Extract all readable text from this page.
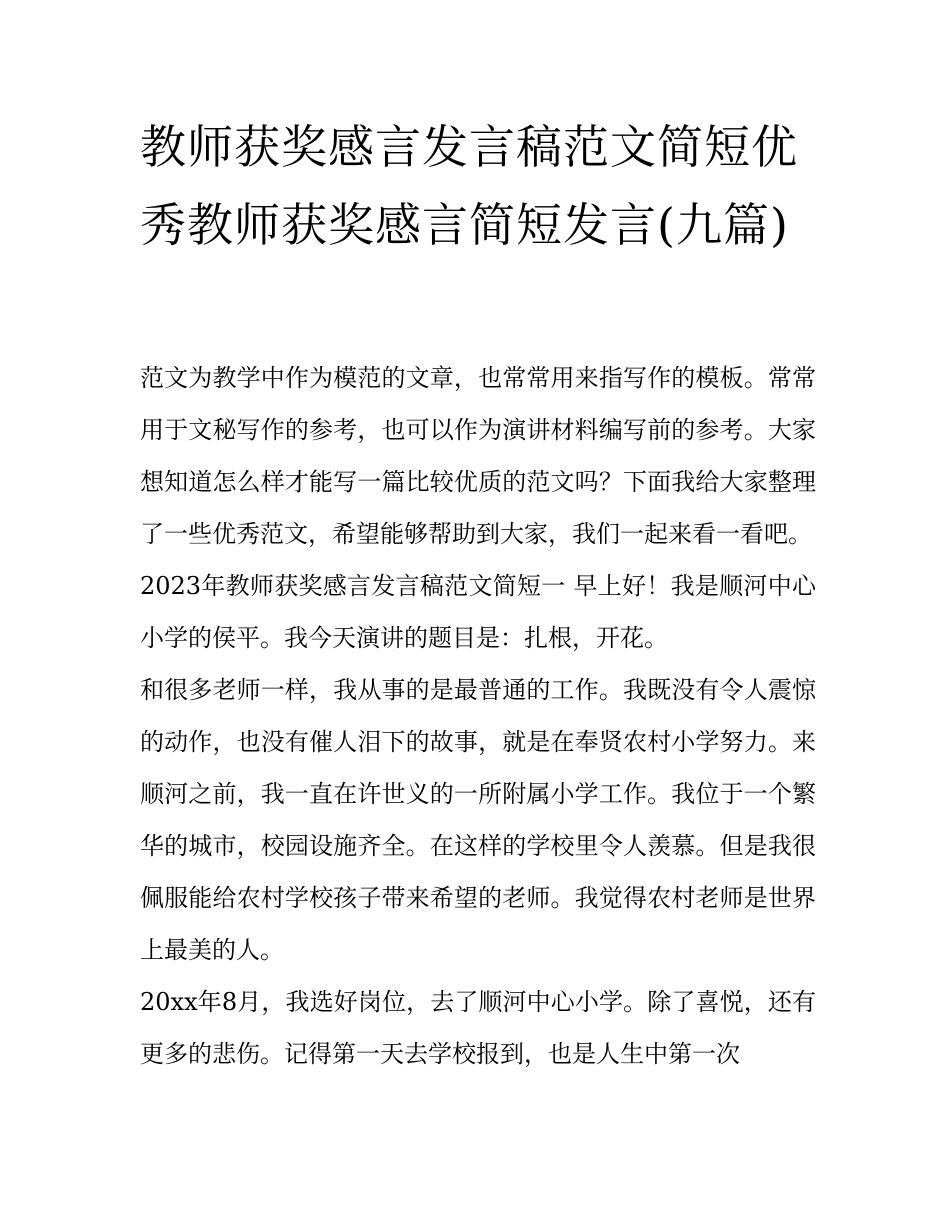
教师获奖感言发言稿范文简短优秀教师获奖感言简短发言(九篇)

范文为教学中作为模范的文章，也常常用来指写作的模板。常常用于文秘写作的参考，也可以作为演讲材料编写前的参考。大家想知道怎么样才能写一篇比较优质的范文吗？下面我给大家整理了一些优秀范文，希望能够帮助到大家，我们一起来看一看吧。

2023年教师获奖感言发言稿范文简短一 早上好！我是顺河中心小学的侯平。我今天演讲的题目是：扎根，开花。

和很多老师一样，我从事的是最普通的工作。我既没有令人震惊的动作，也没有催人泪下的故事，就是在奉贤农村小学努力。来顺河之前，我一直在许世义的一所附属小学工作。我位于一个繁华的城市，校园设施齐全。在这样的学校里令人羡慕。但是我很佩服能给农村学校孩子带来希望的老师。我觉得农村老师是世界上最美的人。

20xx年8月，我选好岗位，去了顺河中心小学。除了喜悦，还有更多的悲伤。记得第一天去学校报到，也是人生中第一次
